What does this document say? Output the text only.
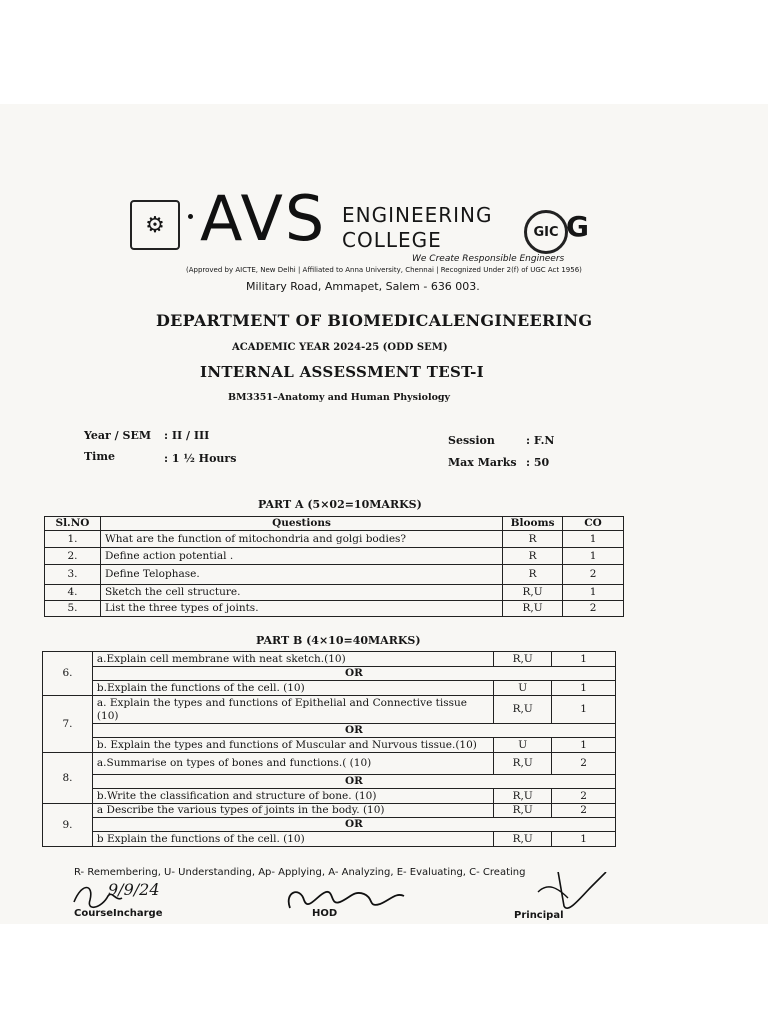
⚙ AVS ENGINEERING
COLLEGE	GIC G
We Create Responsible Engineers
(Approved by AICTE, New Delhi | Affiliated to Anna University, Chennai | Recognized Under 2(f) of UGC Act 1956)
Military Road, Ammapet, Salem - 636 003.
DEPARTMENT OF BIOMEDICALENGINEERING
ACADEMIC YEAR 2024-25 (ODD SEM)
INTERNAL ASSESSMENT TEST-I
BM3351–Anatomy and Human Physiology
Year / SEM : II / III
Time	: 1 ½ Hours
Session	: F.N
Max Marks : 50
PART A (5×02=10MARKS)
Sl.NO	Questions	Blooms	CO
1.	What are the function of mitochondria and golgi bodies?	R	1
2.	Define action potential .	R	1
3.	Define Telophase.	R	2
4.	Sketch the cell structure.	R,U	1
5.	List the three types of joints.	R,U	2
PART B (4×10=40MARKS)
6.	a.Explain cell membrane with neat sketch.(10)	R,U	1
	OR		
	b.Explain the functions of the cell. (10)	U	1
7.	a. Explain the types and functions of Epithelial and Connective tissue (10)	R,U	1
	OR		
	b. Explain the types and functions of Muscular and Nurvous tissue.(10)	U	1
8.	a.Summarise on types of bones and functions.( (10)	R,U	2
	OR		
	b.Write the classification and structure of bone. (10)	R,U	2
9.	a Describe the various types of joints in the body. (10)	R,U	2
	OR		
	b Explain the functions of the cell. (10)	R,U	1
R- Remembering, U- Understanding, Ap- Applying, A- Analyzing, E- Evaluating, C- Creating
9/9/24
CourseIncharge	HOD	Principal
